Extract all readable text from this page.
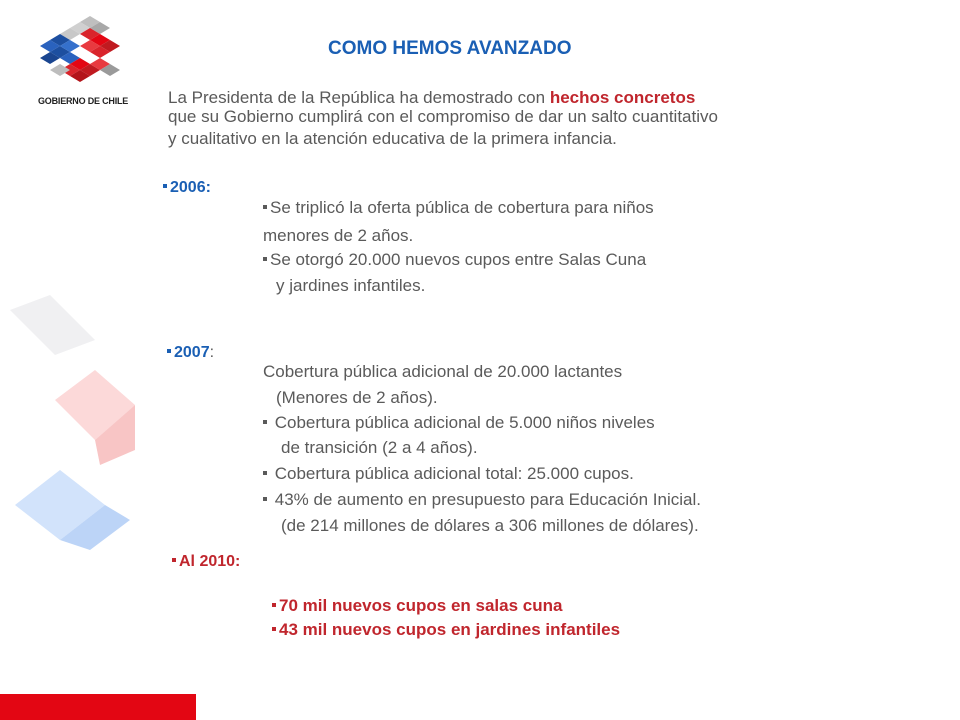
GOBIERNO DE CHILE
COMO HEMOS AVANZADO
La Presidenta de la República ha demostrado con hechos concretos
que su Gobierno cumplirá con el compromiso de dar un salto cuantitativo
y cualitativo en la atención educativa de la primera infancia.
2006:
Se triplicó la oferta pública de cobertura para niños
menores de 2 años.
Se otorgó 20.000 nuevos cupos entre Salas Cuna
y jardines infantiles.
2007:
Cobertura pública adicional de 20.000 lactantes
(Menores de 2 años).
Cobertura pública adicional de 5.000 niños niveles
de transición (2 a 4 años).
Cobertura pública adicional total: 25.000 cupos.
43% de aumento en presupuesto para Educación Inicial.
(de 214 millones de dólares a 306 millones de dólares).
Al 2010:
70 mil nuevos cupos en salas cuna
43 mil nuevos cupos en jardines infantiles
